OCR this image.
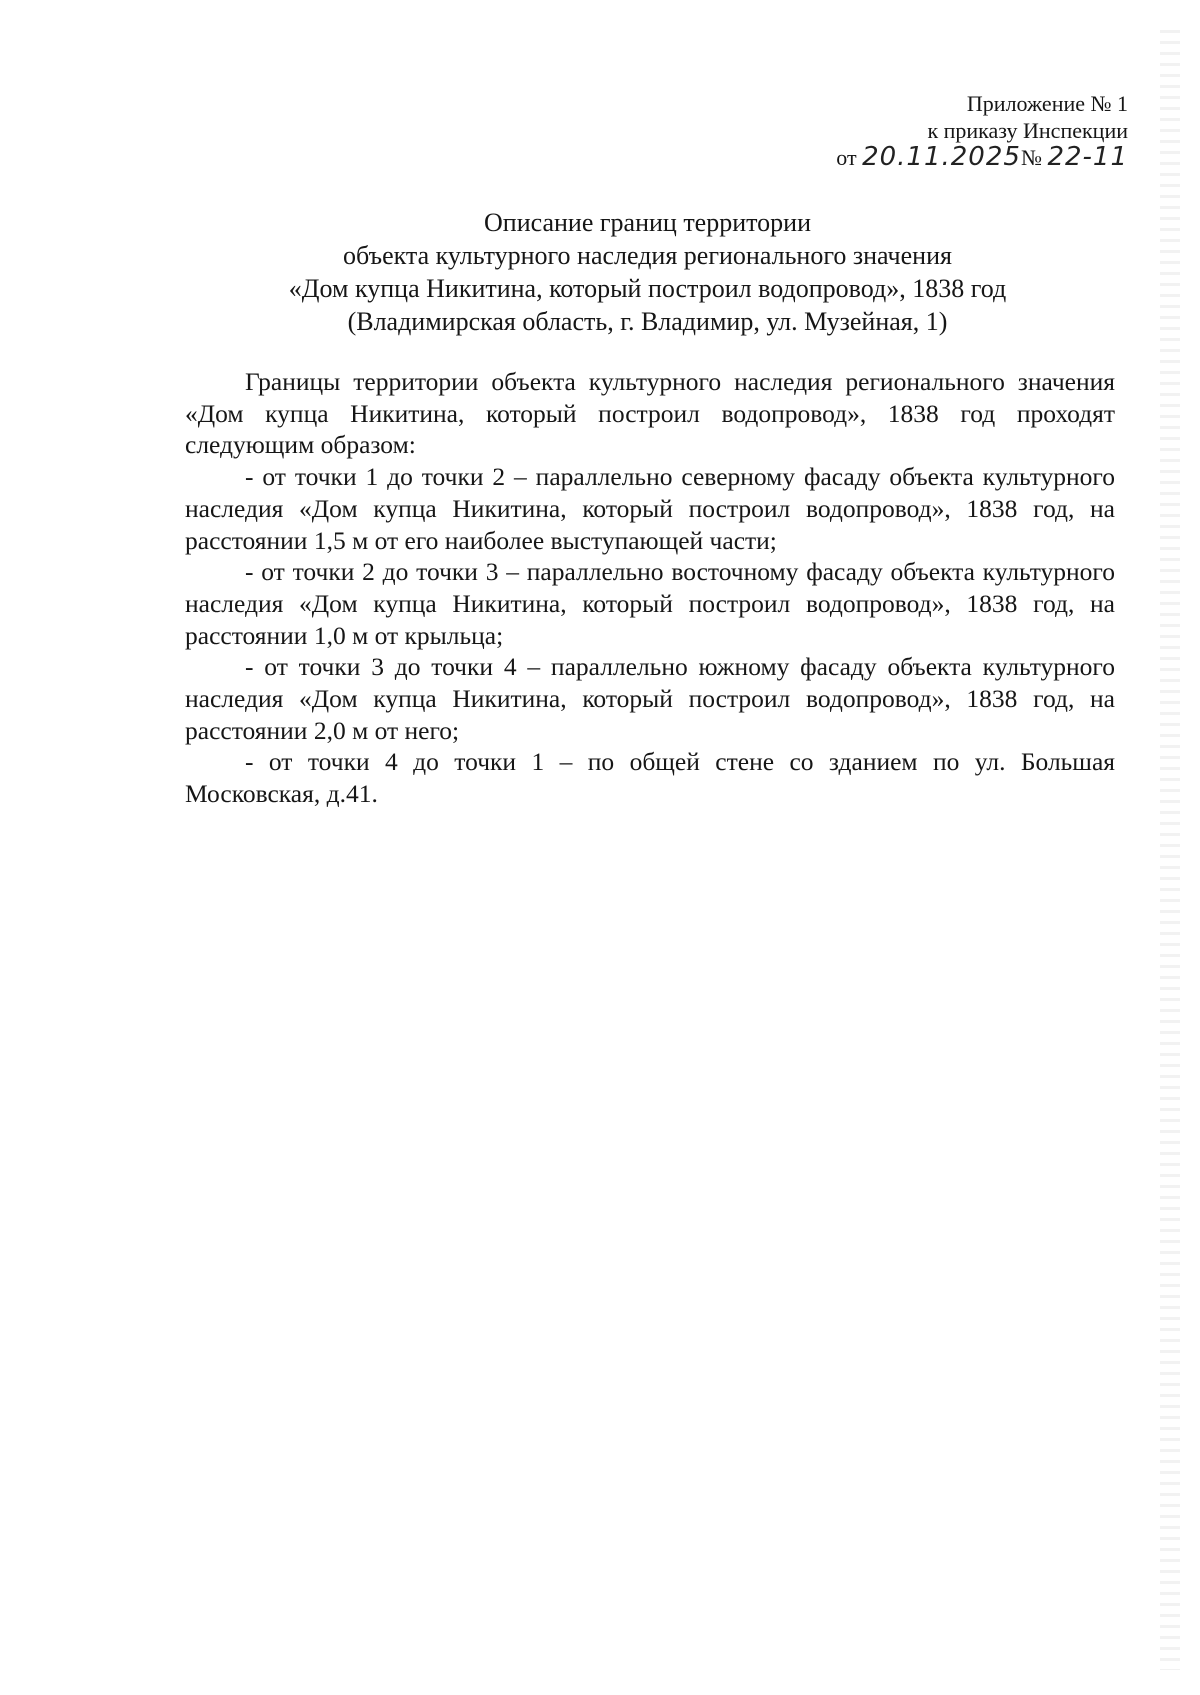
Приложение № 1
к приказу Инспекции
от 20.11.2025№ 22-11
Описание границ территории
объекта культурного наследия регионального значения
«Дом купца Никитина, который построил водопровод», 1838 год
(Владимирская область, г. Владимир, ул. Музейная, 1)

Границы территории объекта культурного наследия регионального значения «Дом купца Никитина, который построил водопровод», 1838 год проходят следующим образом:

- от точки 1 до точки 2 – параллельно северному фасаду объекта культурного наследия «Дом купца Никитина, который построил водопровод», 1838 год, на расстоянии 1,5 м от его наиболее выступающей части;

- от точки 2 до точки 3 – параллельно восточному фасаду объекта культурного наследия «Дом купца Никитина, который построил водопровод», 1838 год, на расстоянии 1,0 м от крыльца;

- от точки 3 до точки 4 – параллельно южному фасаду объекта культурного наследия «Дом купца Никитина, который построил водопровод», 1838 год, на расстоянии 2,0 м от него;

- от точки 4 до точки 1 – по общей стене со зданием по ул. Большая Московская, д.41.
